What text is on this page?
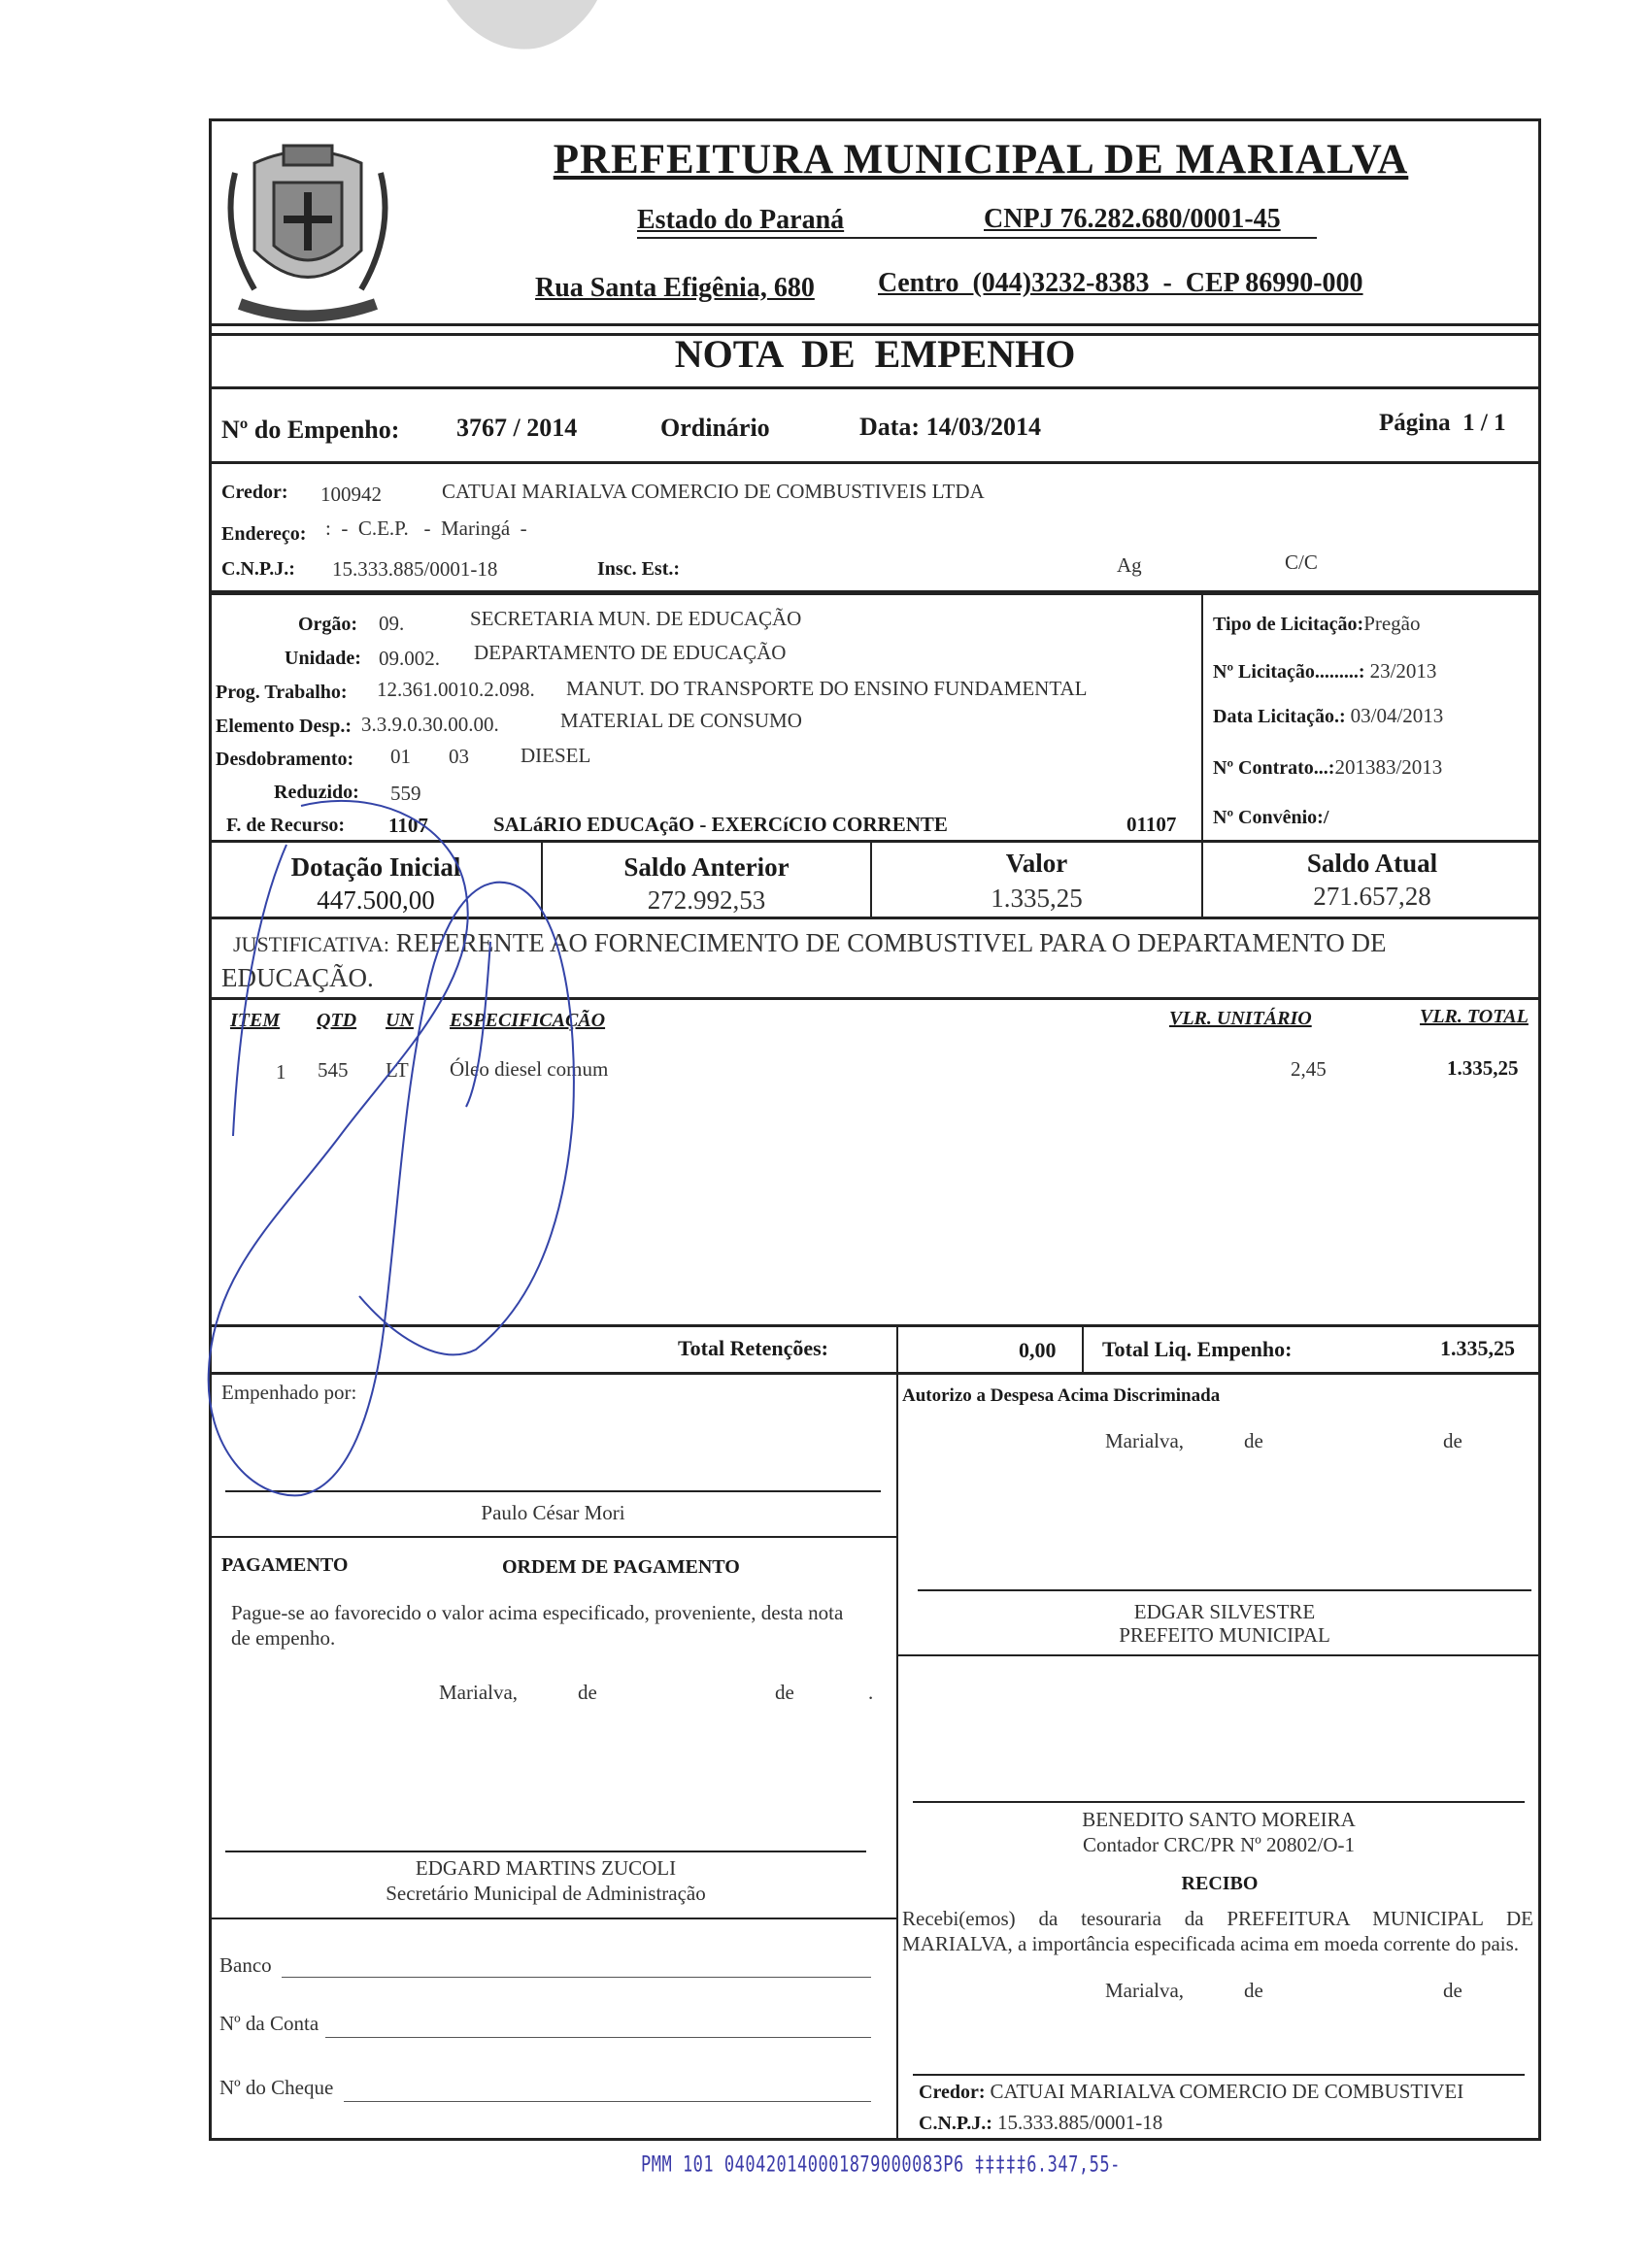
PREFEITURA MUNICIPAL DE MARIALVA
Estado do Paraná	CNPJ 76.282.680/0001-45
Rua Santa Efigênia, 680 Centro  (044)3232-8383  -  CEP 86990-000
NOTA  DE  EMPENHO
Nº do Empenho: 3767 / 2014	Ordinário	Data: 14/03/2014	Página  1 / 1
Credor: 100942	CATUAI MARIALVA COMERCIO DE COMBUSTIVEIS LTDA
Endereço: :  -  C.E.P.   -  Maringá  -
C.N.P.J.: 15.333.885/0001-18	Insc. Est.:	Ag	C/C
Orgão: 09.	SECRETARIA MUN. DE EDUCAÇÃO
Unidade: 09.002. DEPARTAMENTO DE EDUCAÇÃO
Prog. Trabalho: 12.361.0010.2.098. MANUT. DO TRANSPORTE DO ENSINO FUNDAMENTAL
Elemento Desp.: 3.3.9.0.30.00.00.	MATERIAL DE CONSUMO
Desdobramento: 01 03	DIESEL
Reduzido: 559
F. de Recurso: 1107	SALáRIO EDUCAçãO - EXERCíCIO CORRENTE	01107
Tipo de Licitação:Pregão
Nº Licitação.........: 23/2013
Data Licitação.: 03/04/2013
Nº Contrato...:201383/2013
Nº Convênio:/
Dotação Inicial
447.500,00
Saldo Anterior
272.992,53
Valor
1.335,25
Saldo Atual
271.657,28
JUSTIFICATIVA: REFERENTE AO FORNECIMENTO DE COMBUSTIVEL PARA O DEPARTAMENTO DE
EDUCAÇÃO.
ITEM QTD UN ESPECIFICAÇÃO	VLR. UNITÁRIO	VLR. TOTAL
1 545 LT Óleo diesel comum	2,45	1.335,25
Total Retenções:	0,00 Total Liq. Empenho:	1.335,25
Empenhado por:
Paulo César Mori
PAGAMENTO	ORDEM DE PAGAMENTO
Pague-se ao favorecido o valor acima especificado, proveniente, desta nota de empenho.
Marialva,	de	de	.
EDGARD MARTINS ZUCOLI
Secretário Municipal de Administração
Banco
Nº da Conta
Nº do Cheque
Autorizo a Despesa Acima Discriminada
Marialva,	de	de
EDGAR SILVESTRE
PREFEITO MUNICIPAL
BENEDITO SANTO MOREIRA
Contador CRC/PR Nº 20802/O-1
RECIBO
Recebi(emos) da tesouraria da PREFEITURA MUNICIPAL DE MARIALVA, a importância especificada acima em moeda corrente do pais.
Marialva,	de	de
Credor: CATUAI MARIALVA COMERCIO DE COMBUSTIVEI
C.N.P.J.: 15.333.885/0001-18
PMM 101 040420140001879000083P6 ‡‡‡‡‡6.347,55-
